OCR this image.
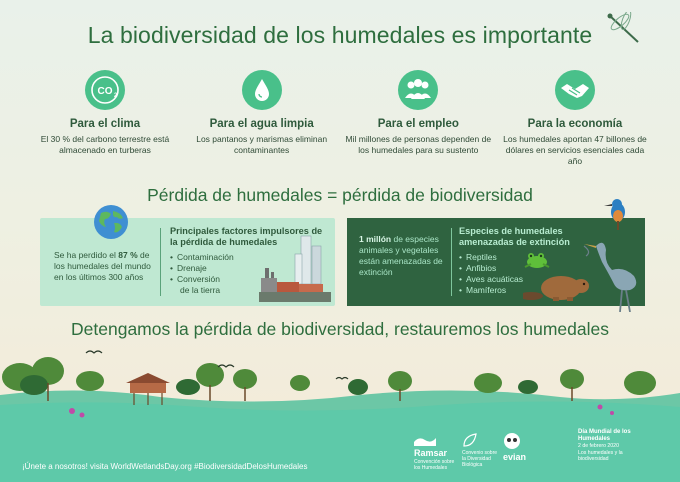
La biodiversidad de los humedales es importante
CO 2
Para el clima

El 30 % del carbono terrestre está almacenado en turberas

Para el agua limpia

Los pantanos y marismas eliminan contaminantes

Para el empleo

Mil millones de personas dependen de los humedales para su sustento

Para la economía

Los humedales aportan 47 billones de dólares en servicios esenciales cada año

Pérdida de humedales = pérdida de biodiversidad
Se ha perdido el 87 % de los humedales del mundo en los últimos 300 años
Principales factores impulsores de la pérdida de humedales
• Contaminación
• Drenaje
• Conversión
de la tierra
1 millón de especies animales y vegetales están amenazadas de extinción
Especies de humedales amenazadas de extinción
• Reptiles
• Anfibios
• Aves acuáticas
• Mamíferos
Detengamos la pérdida de biodiversidad, restauremos los humedales
¡Únete a nosotros! visita WorldWetlandsDay.org #BiodiversidadDelosHumedales
Ramsar
Convención sobre los Humedales
Convenio sobre la Diversidad Biológica
evian
Día Mundial de los Humedales
2 de febrero 2020
Los humedales y la biodiversidad
